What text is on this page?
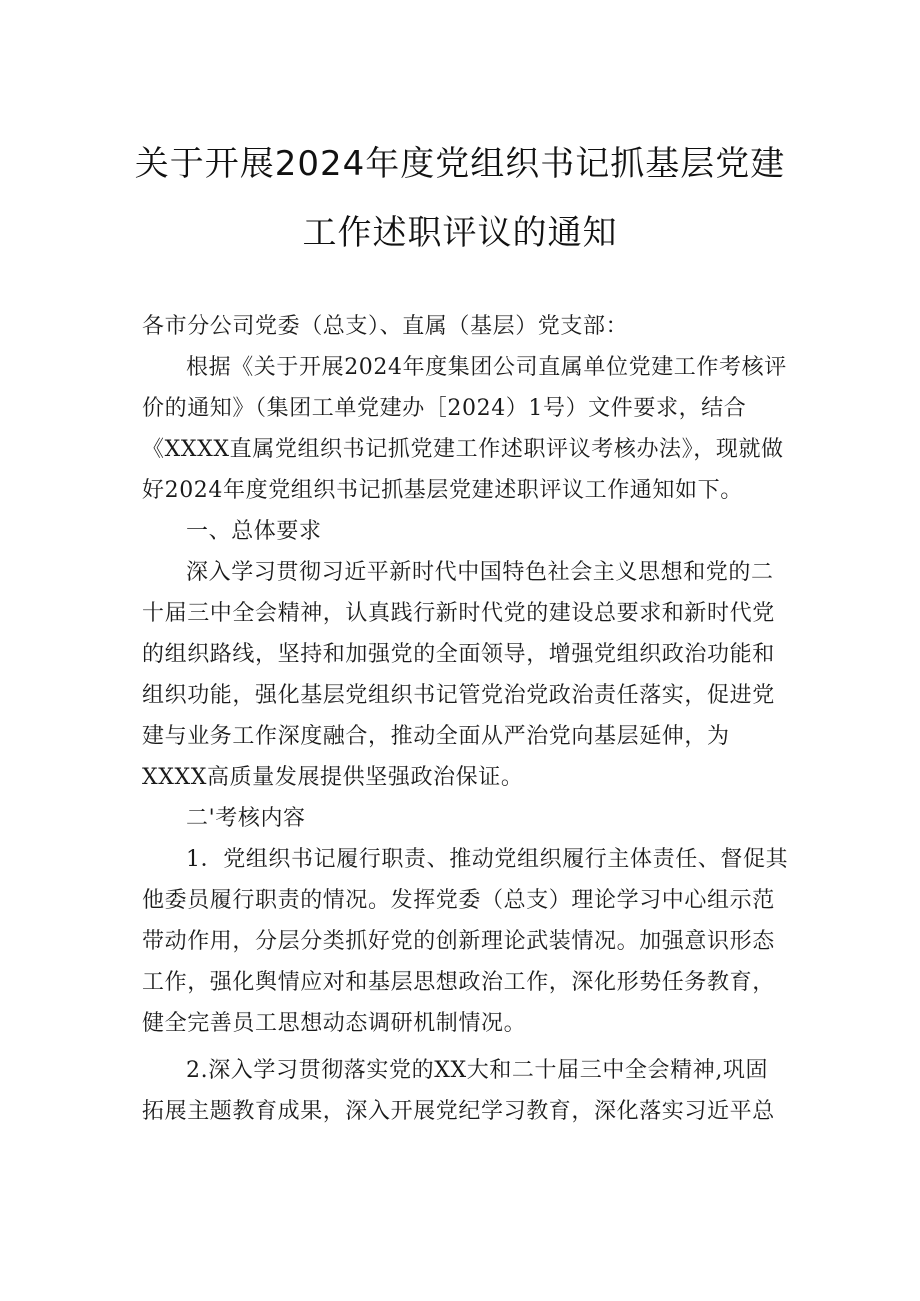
关于开展2024年度党组织书记抓基层党建
工作述职评议的通知

各市分公司党委（总支）、直属（基层）党支部：

根据《关于开展2024年度集团公司直属单位党建工作考核评价的通知》（集团工单党建办［2024）1号）文件要求，结合《XXXX直属党组织书记抓党建工作述职评议考核办法》，现就做好2024年度党组织书记抓基层党建述职评议工作通知如下。

一、总体要求

深入学习贯彻习近平新时代中国特色社会主义思想和党的二十届三中全会精神，认真践行新时代党的建设总要求和新时代党的组织路线，坚持和加强党的全面领导，增强党组织政治功能和组织功能，强化基层党组织书记管党治党政治责任落实，促进党建与业务工作深度融合，推动全面从严治党向基层延伸，为XXXX高质量发展提供坚强政治保证。

二'考核内容

1．党组织书记履行职责、推动党组织履行主体责任、督促其他委员履行职责的情况。发挥党委（总支）理论学习中心组示范带动作用，分层分类抓好党的创新理论武装情况。加强意识形态工作，强化舆情应对和基层思想政治工作，深化形势任务教育，健全完善员工思想动态调研机制情况。

2.深入学习贯彻落实党的XX大和二十届三中全会精神,巩固拓展主题教育成果，深入开展党纪学习教育，深化落实习近平总
